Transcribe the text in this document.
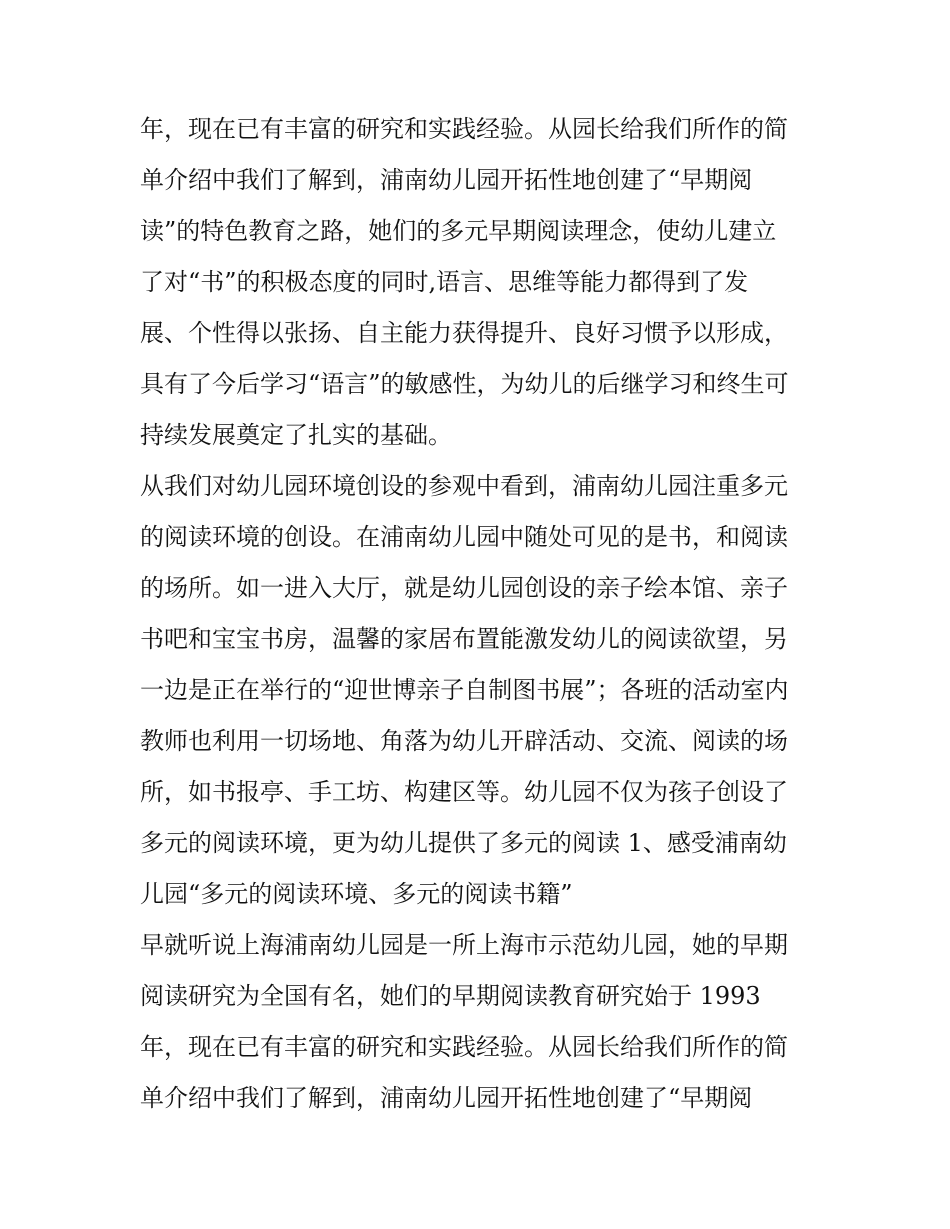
年，现在已有丰富的研究和实践经验。从园长给我们所作的简
单介绍中我们了解到，浦南幼儿园开拓性地创建了“早期阅
读”的特色教育之路，她们的多元早期阅读理念，使幼儿建立
了对“书”的积极态度的同时,语言、思维等能力都得到了发
展、个性得以张扬、自主能力获得提升、良好习惯予以形成，
具有了今后学习“语言”的敏感性，为幼儿的后继学习和终生可
持续发展奠定了扎实的基础。
从我们对幼儿园环境创设的参观中看到，浦南幼儿园注重多元
的阅读环境的创设。在浦南幼儿园中随处可见的是书，和阅读
的场所。如一进入大厅，就是幼儿园创设的亲子绘本馆、亲子
书吧和宝宝书房，温馨的家居布置能激发幼儿的阅读欲望，另
一边是正在举行的“迎世博亲子自制图书展”；各班的活动室内
教师也利用一切场地、角落为幼儿开辟活动、交流、阅读的场
所，如书报亭、手工坊、构建区等。幼儿园不仅为孩子创设了
多元的阅读环境，更为幼儿提供了多元的阅读 1、感受浦南幼
儿园“多元的阅读环境、多元的阅读书籍”
早就听说上海浦南幼儿园是一所上海市示范幼儿园，她的早期
阅读研究为全国有名，她们的早期阅读教育研究始于 1993
年，现在已有丰富的研究和实践经验。从园长给我们所作的简
单介绍中我们了解到，浦南幼儿园开拓性地创建了“早期阅
